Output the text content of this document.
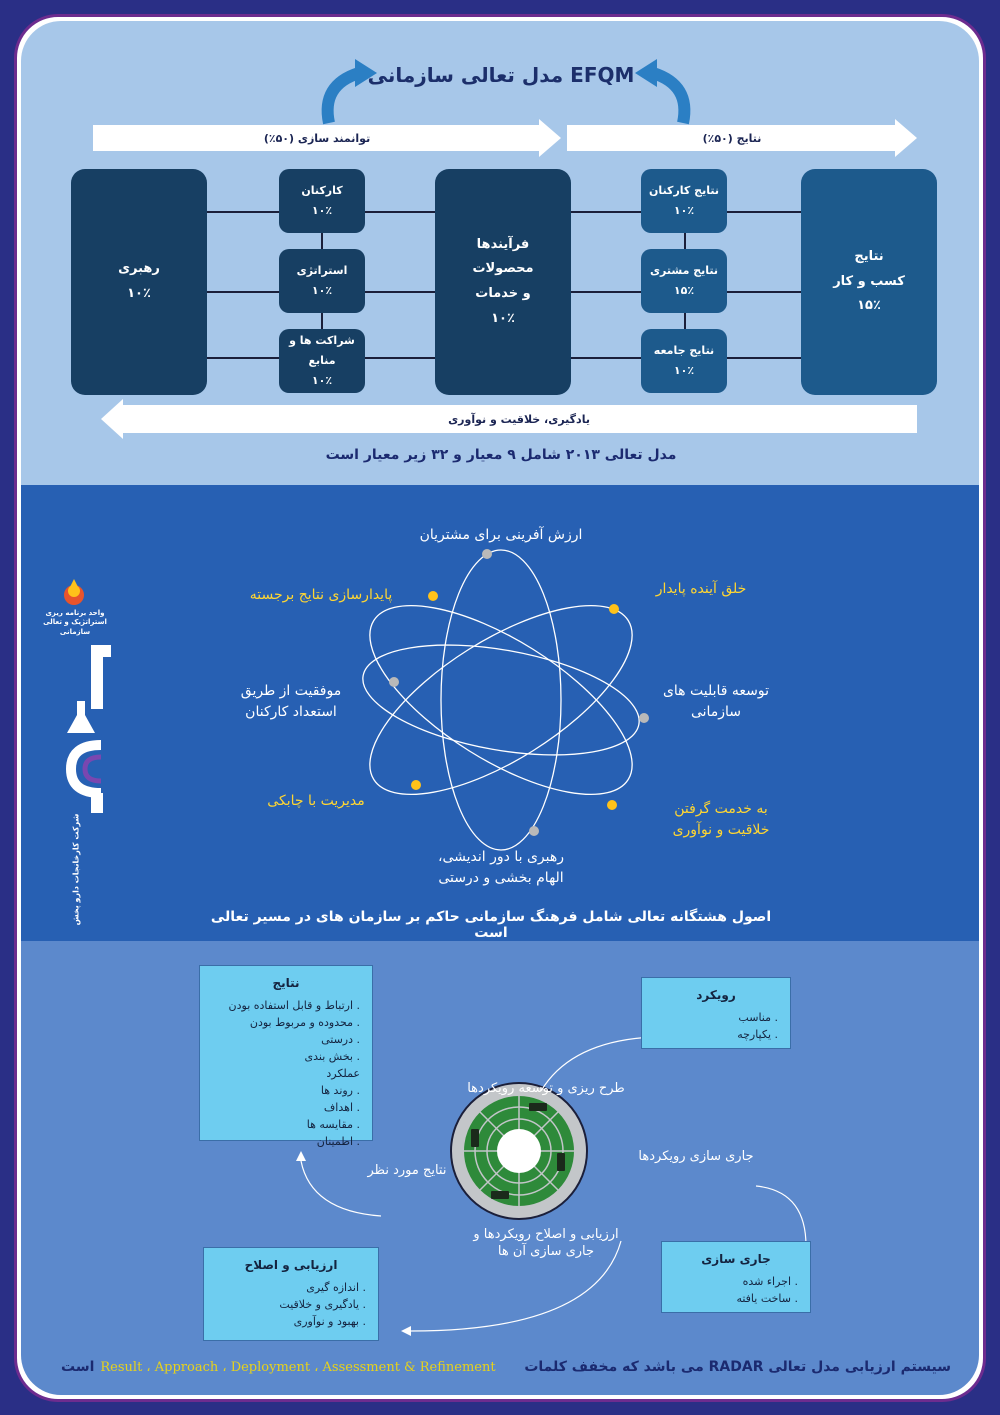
مدل تعالی سازمانی EFQM
توانمند سازی (۵۰٪)	نتایج (۵۰٪)
رهبری
۱۰٪
کارکنان
۱۰٪
استراتژی
۱۰٪
شراکت ها و منابع
۱۰٪
فرآیندها
محصولات
و خدمات
۱۰٪
نتایج کارکنان
۱۰٪
نتایج مشتری
۱۵٪
نتایج جامعه
۱۰٪
نتایج
کسب و کار
۱۵٪
یادگیری، خلاقیت و نوآوری
مدل تعالی ۲۰۱۳ شامل ۹ معیار و ۳۲ زیر معیار است
ارزش آفرینی برای مشتریان
خلق آینده پایدار
توسعه قابلیت های
سازمانی
به خدمت گرفتن
خلاقیت و نوآوری
رهبری با دور اندیشی،
الهام بخشی و درستی
مدیریت با چابکی
موفقیت از طریق
استعداد کارکنان
پایدارسازی نتایج برجسته
اصول هشتگانه تعالی شامل فرهنگ سازمانی حاکم بر سازمان های در مسیر تعالی است
واحد برنامه ریزی
استراتژیک و تعالی
سازمانی
شرکت کارخانجات دارو پخش
طرح ریزی و توسعه رویکردها
جاری سازی رویکردها
ارزیابی و اصلاح رویکردها و
جاری سازی آن ها
نتایج مورد نظر
نتایج
. ارتباط و قابل استفاده بودن
. محدوده و مربوط بودن
. درستی
. بخش بندی
عملکرد
. روند ها
. اهداف
. مقایسه ها
. اطمینان
رویکرد
. مناسب
. یکپارچه
جاری سازی
. اجراء شده
. ساخت یافته
ارزیابی و اصلاح
. اندازه گیری
. یادگیری و خلاقیت
. بهبود و نوآوری
است Result ، Approach ، Deployment ، Assessment & Refinement	سیستم ارزیابی مدل تعالی RADAR می باشد که مخفف کلمات
